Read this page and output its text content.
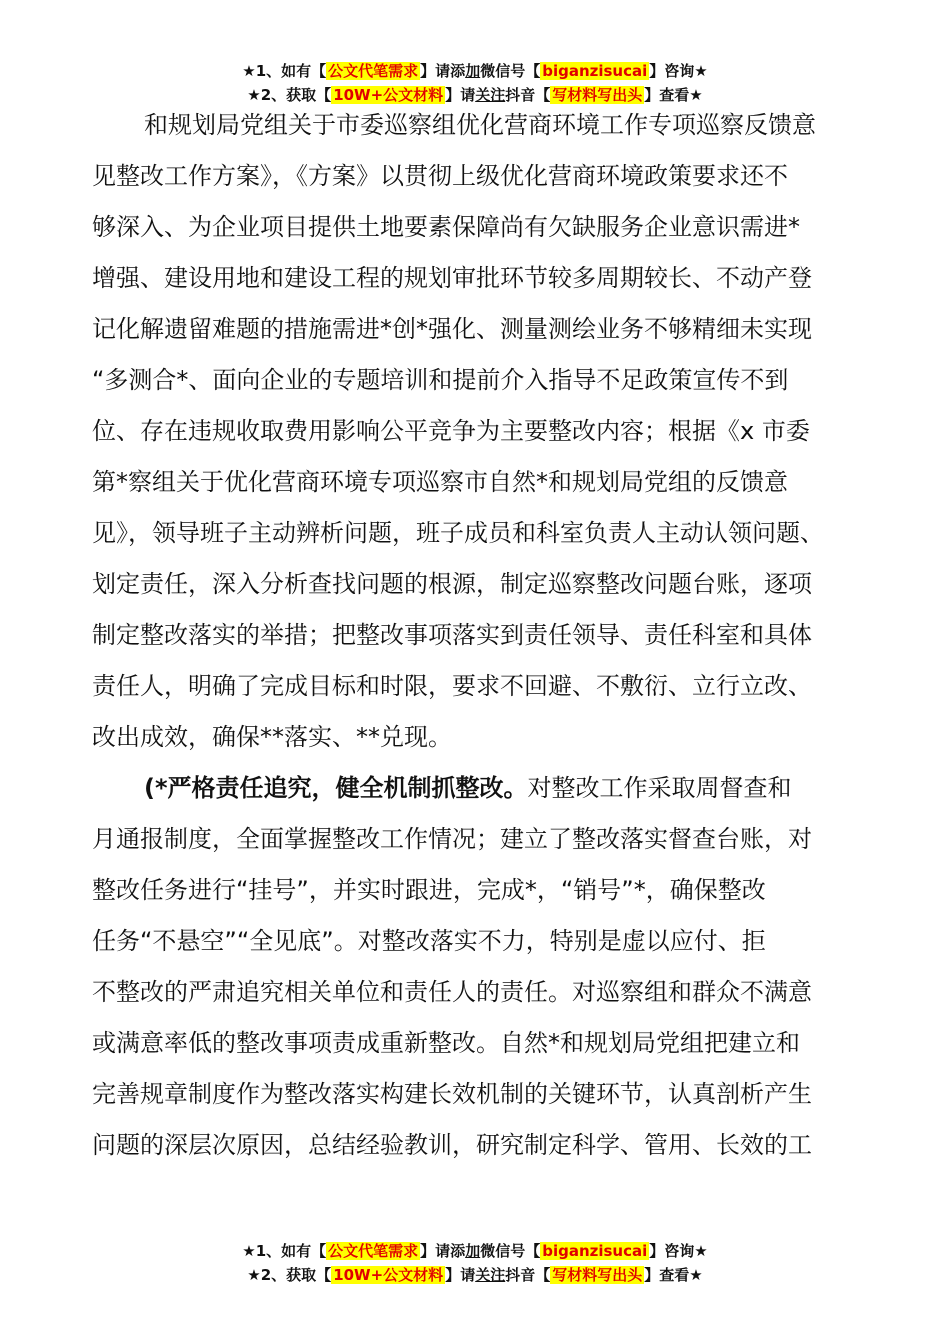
★1、如有【 公文代笔需求 】请添加微信号【 biganzisucai 】咨询★
★2、获取【 10W+公文材料 】请关注抖音【 写材料写出头 】查看★
和规划局党组关于市委巡察组优化营商环境工作专项巡察反馈意
见整改工作方案》，《方案》以贯彻上级优化营商环境政策要求还不
够深入、为企业项目提供土地要素保障尚有欠缺服务企业意识需进*
增强、建设用地和建设工程的规划审批环节较多周期较长、不动产登
记化解遗留难题的措施需进*创*强化、测量测绘业务不够精细未实现
“多测合*、面向企业的专题培训和提前介入指导不足政策宣传不到
位、存在违规收取费用影响公平竞争为主要整改内容；根据《x 市委
第*察组关于优化营商环境专项巡察市自然*和规划局党组的反馈意
见》，领导班子主动辨析问题，班子成员和科室负责人主动认领问题、
划定责任，深入分析查找问题的根源，制定巡察整改问题台账，逐项
制定整改落实的举措；把整改事项落实到责任领导、责任科室和具体
责任人，明确了完成目标和时限，要求不回避、不敷衍、立行立改、
改出成效，确保**落实、**兑现。
(*严格责任追究，健全机制抓整改。对整改工作采取周督查和
月通报制度，全面掌握整改工作情况；建立了整改落实督查台账，对
整改任务进行“挂号”，并实时跟进，完成*，“销号”*，确保整改
任务“不悬空”“全见底”。对整改落实不力，特别是虚以应付、拒
不整改的严肃追究相关单位和责任人的责任。对巡察组和群众不满意
或满意率低的整改事项责成重新整改。自然*和规划局党组把建立和
完善规章制度作为整改落实构建长效机制的关键环节，认真剖析产生
问题的深层次原因，总结经验教训，研究制定科学、管用、长效的工
★1、如有【 公文代笔需求 】请添加微信号【 biganzisucai 】咨询★
★2、获取【 10W+公文材料 】请关注抖音【 写材料写出头 】查看★
